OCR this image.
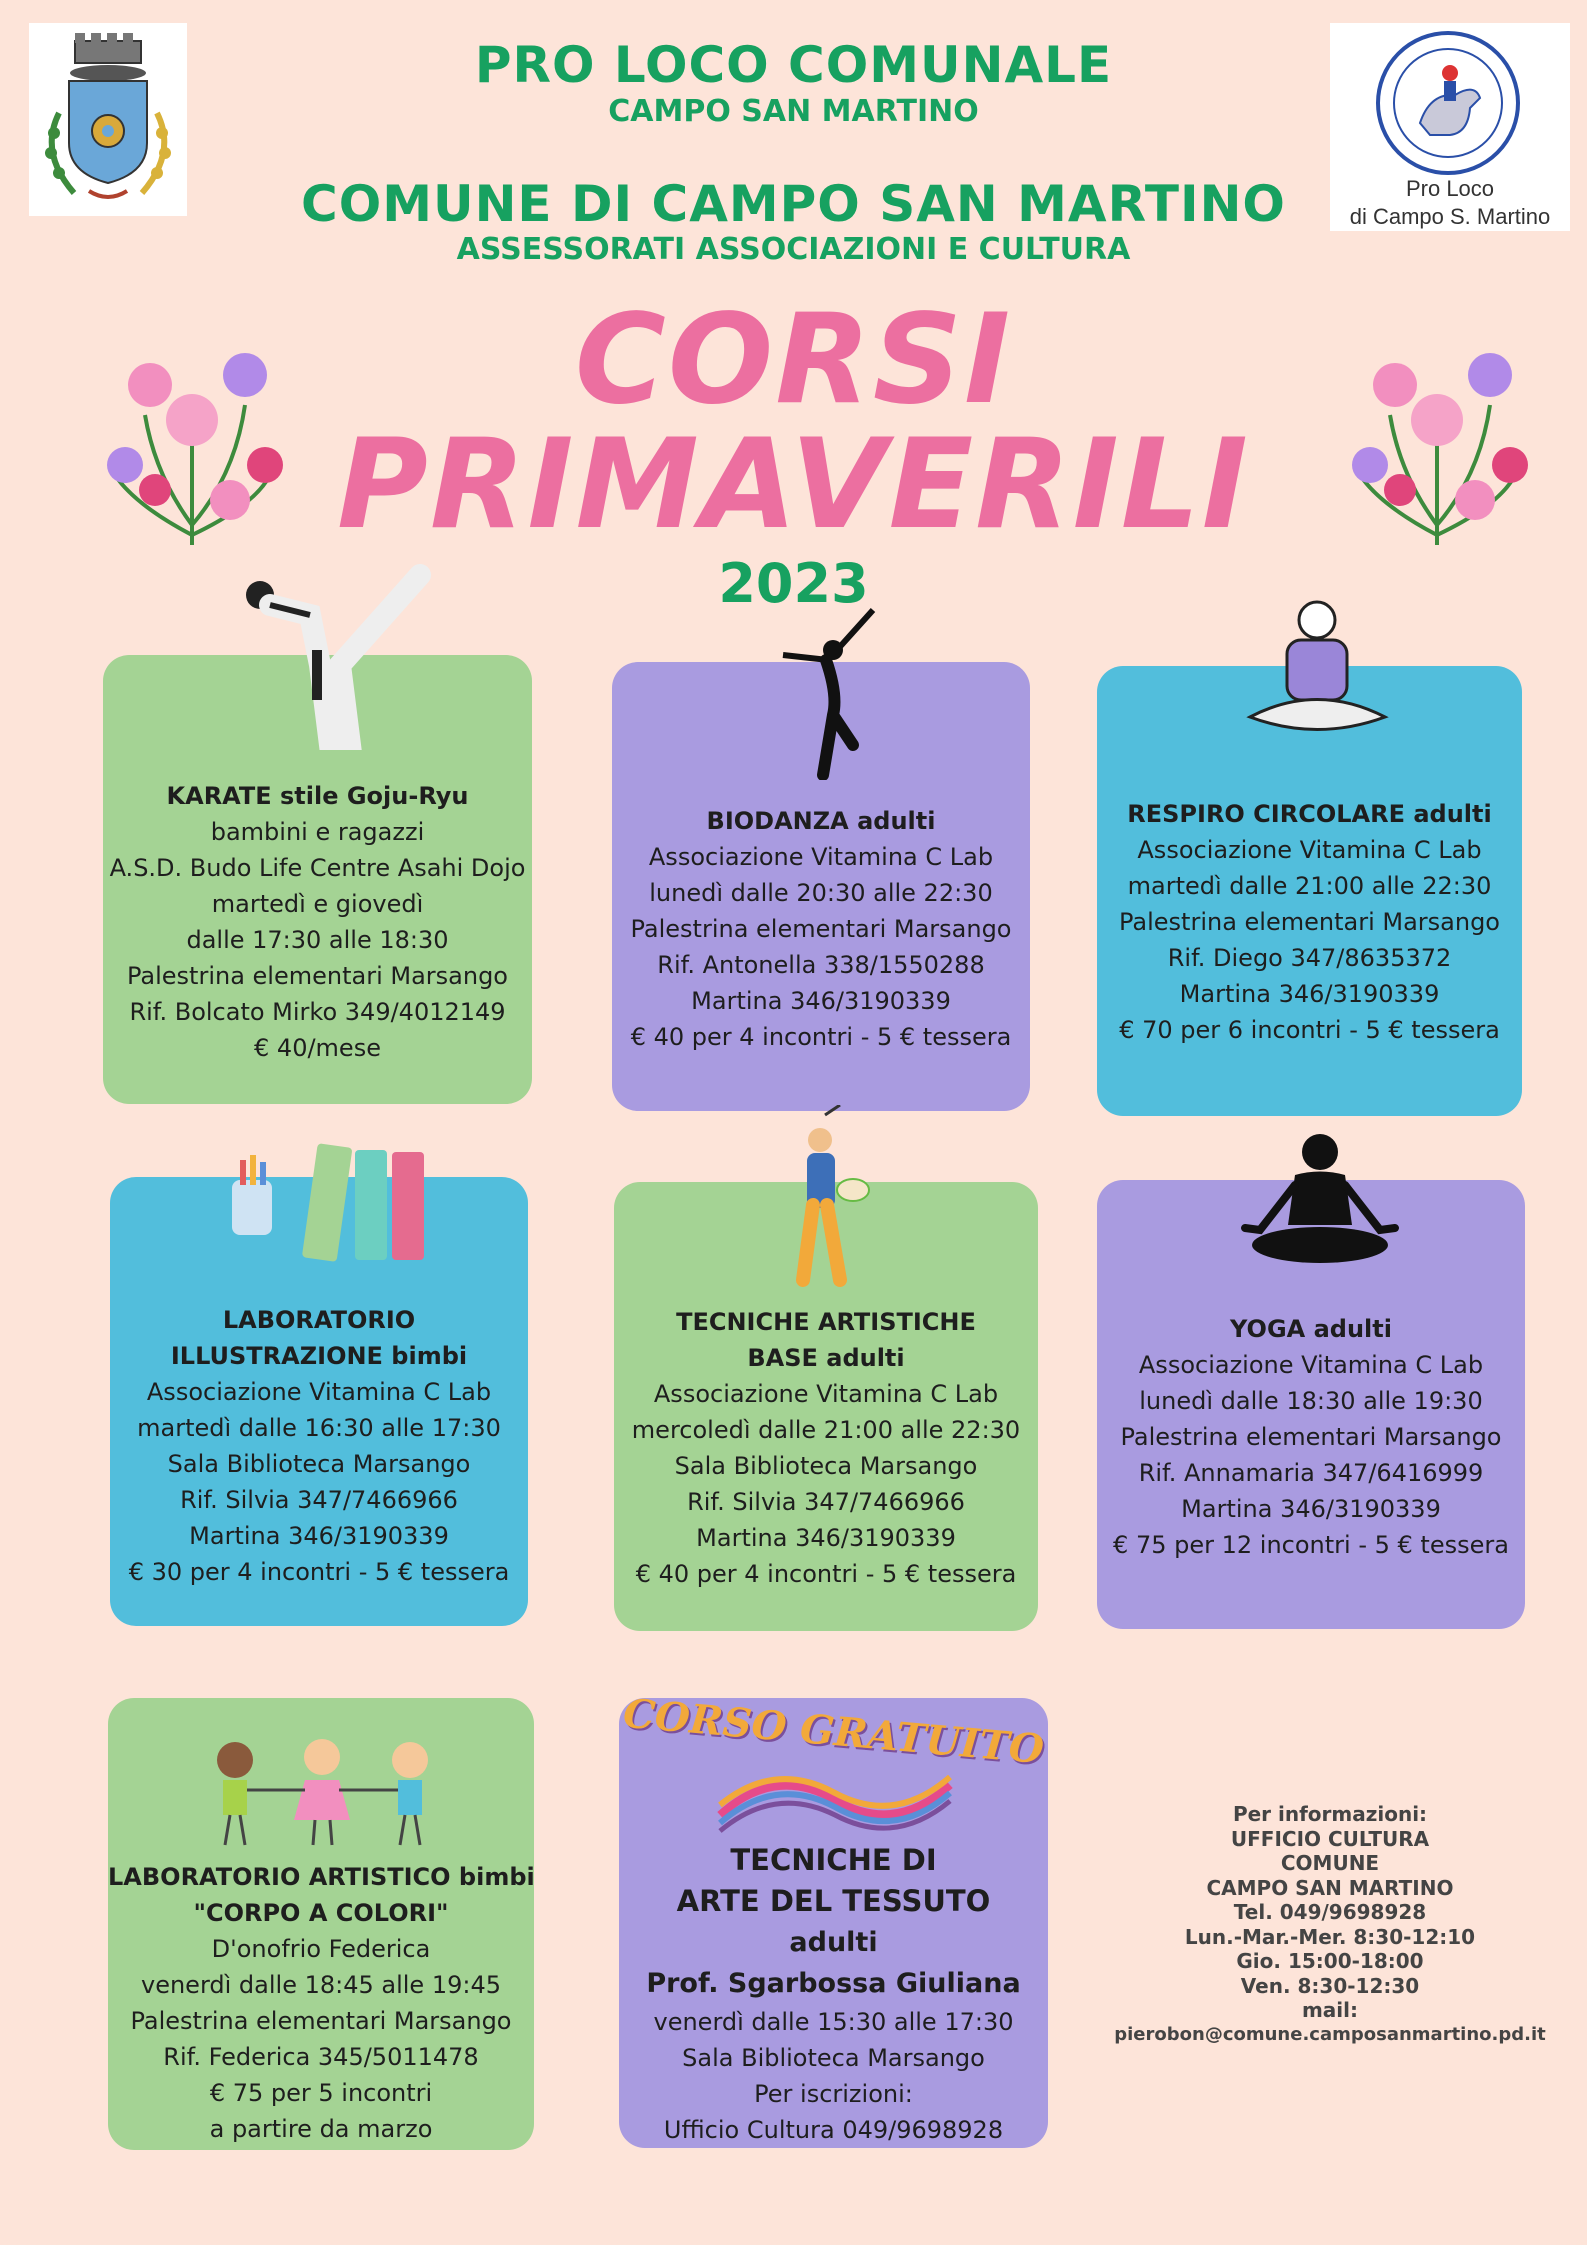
Pro Loco
di Campo S. Martino
PRO LOCO COMUNALE
CAMPO SAN MARTINO
COMUNE DI CAMPO SAN MARTINO
ASSESSORATI ASSOCIAZIONI E CULTURA
CORSI
PRIMAVERILI
2023
KARATE stile Goju-Ryu
bambini e ragazzi
A.S.D. Budo Life Centre Asahi Dojo
martedì e giovedì
dalle 17:30 alle 18:30
Palestrina elementari Marsango
Rif. Bolcato Mirko 349/4012149
€ 40/mese
BIODANZA adulti
Associazione Vitamina C Lab
lunedì dalle 20:30 alle 22:30
Palestrina elementari Marsango
Rif. Antonella 338/1550288
Martina 346/3190339
€ 40 per 4 incontri - 5 € tessera
RESPIRO CIRCOLARE adulti
Associazione Vitamina C Lab
martedì dalle 21:00 alle 22:30
Palestrina elementari Marsango
Rif. Diego 347/8635372
Martina 346/3190339
€ 70 per 6 incontri - 5 € tessera
LABORATORIO
ILLUSTRAZIONE bimbi
Associazione Vitamina C Lab
martedì dalle 16:30 alle 17:30
Sala Biblioteca Marsango
Rif. Silvia 347/7466966
Martina 346/3190339
€ 30 per 4 incontri - 5 € tessera
TECNICHE ARTISTICHE
BASE adulti
Associazione Vitamina C Lab
mercoledì dalle 21:00 alle 22:30
Sala Biblioteca Marsango
Rif. Silvia 347/7466966
Martina 346/3190339
€ 40 per 4 incontri - 5 € tessera
YOGA adulti
Associazione Vitamina C Lab
lunedì dalle 18:30 alle 19:30
Palestrina elementari Marsango
Rif. Annamaria 347/6416999
Martina 346/3190339
€ 75 per 12 incontri - 5 € tessera
LABORATORIO ARTISTICO bimbi
"CORPO A COLORI"
D'onofrio Federica
venerdì dalle 18:45 alle 19:45
Palestrina elementari Marsango
Rif. Federica 345/5011478
€ 75 per 5 incontri
a partire da marzo
CORSO GRATUITO
TECNICHE DI
ARTE DEL TESSUTO
adulti
Prof. Sgarbossa Giuliana
venerdì dalle 15:30 alle 17:30
Sala Biblioteca Marsango
Per iscrizioni:
Ufficio Cultura 049/9698928
Per informazioni:
UFFICIO CULTURA
COMUNE
CAMPO SAN MARTINO
Tel. 049/9698928
Lun.-Mar.-Mer. 8:30-12:10
Gio. 15:00-18:00
Ven. 8:30-12:30
mail:
pierobon@comune.camposanmartino.pd.it
